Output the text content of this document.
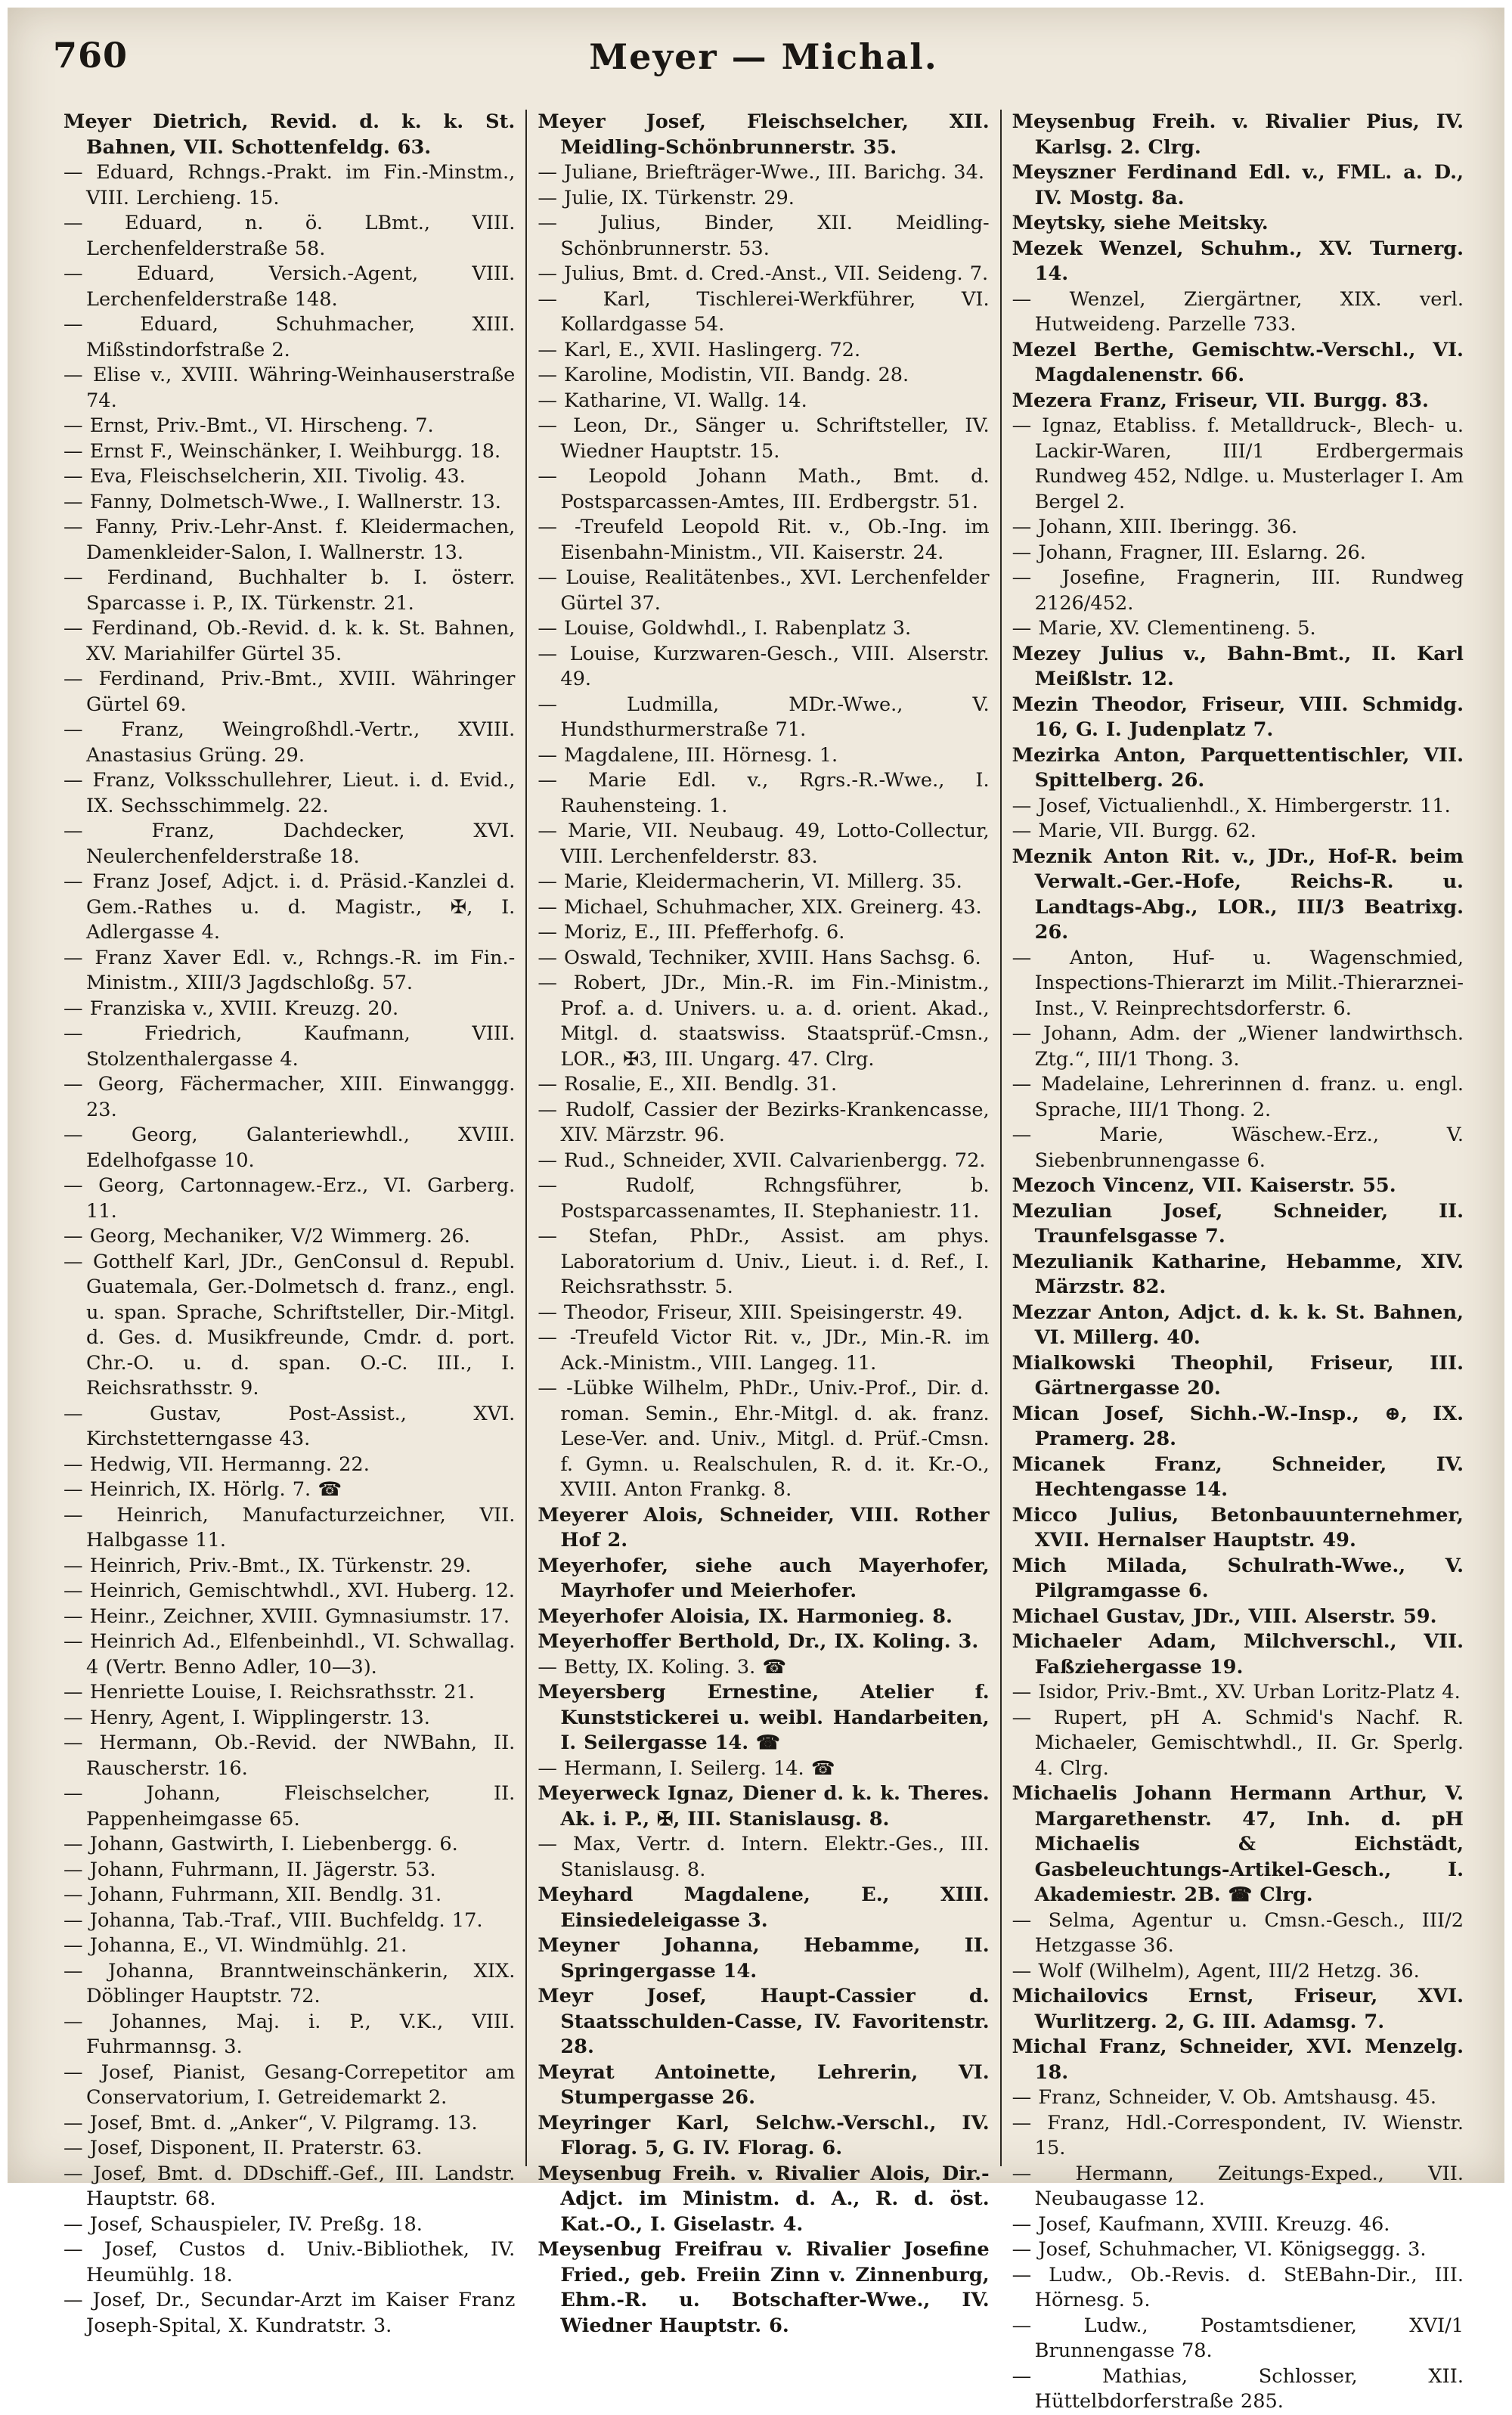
760	Meyer — Michal.
Meyer Dietrich, Revid. d. k. k. St. Bahnen, VII. Schottenfeldg. 63.
— Eduard, Rchngs.-Prakt. im Fin.-Minstm., VIII. Lerchieng. 15.
— Eduard, n. ö. LBmt., VIII. Lerchenfelderstraße 58.
— Eduard, Versich.-Agent, VIII. Lerchenfelderstraße 148.
— Eduard, Schuhmacher, XIII. Mißstindorfstraße 2.
— Elise v., XVIII. Währing-Weinhauserstraße 74.
— Ernst, Priv.-Bmt., VI. Hirscheng. 7.
— Ernst F., Weinschänker, I. Weihburgg. 18.
— Eva, Fleischselcherin, XII. Tivolig. 43.
— Fanny, Dolmetsch-Wwe., I. Wallnerstr. 13.
— Fanny, Priv.-Lehr-Anst. f. Kleidermachen, Damenkleider-Salon, I. Wallnerstr. 13.
— Ferdinand, Buchhalter b. I. österr. Sparcasse i. P., IX. Türkenstr. 21.
— Ferdinand, Ob.-Revid. d. k. k. St. Bahnen, XV. Mariahilfer Gürtel 35.
— Ferdinand, Priv.-Bmt., XVIII. Währinger Gürtel 69.
— Franz, Weingroßhdl.-Vertr., XVIII. Anastasius Grüng. 29.
— Franz, Volksschullehrer, Lieut. i. d. Evid., IX. Sechsschimmelg. 22.
— Franz, Dachdecker, XVI. Neulerchenfelderstraße 18.
— Franz Josef, Adjct. i. d. Präsid.-Kanzlei d. Gem.-Rathes u. d. Magistr., ✠, I. Adlergasse 4.
— Franz Xaver Edl. v., Rchngs.-R. im Fin.-Ministm., XIII/3 Jagdschloßg. 57.
— Franziska v., XVIII. Kreuzg. 20.
— Friedrich, Kaufmann, VIII. Stolzenthalergasse 4.
— Georg, Fächermacher, XIII. Einwanggg. 23.
— Georg, Galanteriewhdl., XVIII. Edelhofgasse 10.
— Georg, Cartonnagew.-Erz., VI. Garberg. 11.
— Georg, Mechaniker, V/2 Wimmerg. 26.
— Gotthelf Karl, JDr., GenConsul d. Republ. Guatemala, Ger.-Dolmetsch d. franz., engl. u. span. Sprache, Schriftsteller, Dir.-Mitgl. d. Ges. d. Musikfreunde, Cmdr. d. port. Chr.-O. u. d. span. O.-C. III., I. Reichsrathsstr. 9.
— Gustav, Post-Assist., XVI. Kirchstetterngasse 43.
— Hedwig, VII. Hermanng. 22.
— Heinrich, IX. Hörlg. 7. ☎
— Heinrich, Manufacturzeichner, VII. Halbgasse 11.
— Heinrich, Priv.-Bmt., IX. Türkenstr. 29.
— Heinrich, Gemischtwhdl., XVI. Huberg. 12.
— Heinr., Zeichner, XVIII. Gymnasiumstr. 17.
— Heinrich Ad., Elfenbeinhdl., VI. Schwallag. 4 (Vertr. Benno Adler, 10—3).
— Henriette Louise, I. Reichsrathsstr. 21.
— Henry, Agent, I. Wipplingerstr. 13.
— Hermann, Ob.-Revid. der NWBahn, II. Rauscherstr. 16.
— Johann, Fleischselcher, II. Pappenheimgasse 65.
— Johann, Gastwirth, I. Liebenbergg. 6.
— Johann, Fuhrmann, II. Jägerstr. 53.
— Johann, Fuhrmann, XII. Bendlg. 31.
— Johanna, Tab.-Traf., VIII. Buchfeldg. 17.
— Johanna, E., VI. Windmühlg. 21.
— Johanna, Branntweinschänkerin, XIX. Döblinger Hauptstr. 72.
— Johannes, Maj. i. P., V.K., VIII. Fuhrmannsg. 3.
— Josef, Pianist, Gesang-Correpetitor am Conservatorium, I. Getreidemarkt 2.
— Josef, Bmt. d. „Anker“, V. Pilgramg. 13.
— Josef, Disponent, II. Praterstr. 63.
— Josef, Bmt. d. DDschiff.-Gef., III. Landstr. Hauptstr. 68.
— Josef, Schauspieler, IV. Preßg. 18.
— Josef, Custos d. Univ.-Bibliothek, IV. Heumühlg. 18.
— Josef, Dr., Secundar-Arzt im Kaiser Franz Joseph-Spital, X. Kundratstr. 3.
Meyer Josef, Fleischselcher, XII. Meidling-Schönbrunnerstr. 35.
— Juliane, Briefträger-Wwe., III. Barichg. 34.
— Julie, IX. Türkenstr. 29.
— Julius, Binder, XII. Meidling-Schönbrunnerstr. 53.
— Julius, Bmt. d. Cred.-Anst., VII. Seideng. 7.
— Karl, Tischlerei-Werkführer, VI. Kollardgasse 54.
— Karl, E., XVII. Haslingerg. 72.
— Karoline, Modistin, VII. Bandg. 28.
— Katharine, VI. Wallg. 14.
— Leon, Dr., Sänger u. Schriftsteller, IV. Wiedner Hauptstr. 15.
— Leopold Johann Math., Bmt. d. Postsparcassen-Amtes, III. Erdbergstr. 51.
— -Treufeld Leopold Rit. v., Ob.-Ing. im Eisenbahn-Ministm., VII. Kaiserstr. 24.
— Louise, Realitätenbes., XVI. Lerchenfelder Gürtel 37.
— Louise, Goldwhdl., I. Rabenplatz 3.
— Louise, Kurzwaren-Gesch., VIII. Alserstr. 49.
— Ludmilla, MDr.-Wwe., V. Hundsthurmerstraße 71.
— Magdalene, III. Hörnesg. 1.
— Marie Edl. v., Rgrs.-R.-Wwe., I. Rauhensteing. 1.
— Marie, VII. Neubaug. 49, Lotto-Collectur, VIII. Lerchenfelderstr. 83.
— Marie, Kleidermacherin, VI. Millerg. 35.
— Michael, Schuhmacher, XIX. Greinerg. 43.
— Moriz, E., III. Pfefferhofg. 6.
— Oswald, Techniker, XVIII. Hans Sachsg. 6.
— Robert, JDr., Min.-R. im Fin.-Ministm., Prof. a. d. Univers. u. a. d. orient. Akad., Mitgl. d. staatswiss. Staatsprüf.-Cmsn., LOR., ✠3, III. Ungarg. 47. Clrg.
— Rosalie, E., XII. Bendlg. 31.
— Rudolf, Cassier der Bezirks-Krankencasse, XIV. Märzstr. 96.
— Rud., Schneider, XVII. Calvarienbergg. 72.
— Rudolf, Rchngsführer, b. Postsparcassenamtes, II. Stephaniestr. 11.
— Stefan, PhDr., Assist. am phys. Laboratorium d. Univ., Lieut. i. d. Ref., I. Reichsrathsstr. 5.
— Theodor, Friseur, XIII. Speisingerstr. 49.
— -Treufeld Victor Rit. v., JDr., Min.-R. im Ack.-Ministm., VIII. Langeg. 11.
— -Lübke Wilhelm, PhDr., Univ.-Prof., Dir. d. roman. Semin., Ehr.-Mitgl. d. ak. franz. Lese-Ver. and. Univ., Mitgl. d. Prüf.-Cmsn. f. Gymn. u. Realschulen, R. d. it. Kr.-O., XVIII. Anton Frankg. 8.
Meyerer Alois, Schneider, VIII. Rother Hof 2.
Meyerhofer, siehe auch Mayerhofer, Mayrhofer und Meierhofer.
Meyerhofer Aloisia, IX. Harmonieg. 8.
Meyerhoffer Berthold, Dr., IX. Koling. 3.
— Betty, IX. Koling. 3. ☎
Meyersberg Ernestine, Atelier f. Kunststickerei u. weibl. Handarbeiten, I. Seilergasse 14. ☎
— Hermann, I. Seilerg. 14. ☎
Meyerweck Ignaz, Diener d. k. k. Theres. Ak. i. P., ✠, III. Stanislausg. 8.
— Max, Vertr. d. Intern. Elektr.-Ges., III. Stanislausg. 8.
Meyhard Magdalene, E., XIII. Einsiedeleigasse 3.
Meyner Johanna, Hebamme, II. Springergasse 14.
Meyr Josef, Haupt-Cassier d. Staatsschulden-Casse, IV. Favoritenstr. 28.
Meyrat Antoinette, Lehrerin, VI. Stumpergasse 26.
Meyringer Karl, Selchw.-Verschl., IV. Florag. 5, G. IV. Florag. 6.
Meysenbug Freih. v. Rivalier Alois, Dir.-Adjct. im Ministm. d. A., R. d. öst. Kat.-O., I. Giselastr. 4.
Meysenbug Freifrau v. Rivalier Josefine Fried., geb. Freiin Zinn v. Zinnenburg, Ehm.-R. u. Botschafter-Wwe., IV. Wiedner Hauptstr. 6.
Meysenbug Freih. v. Rivalier Pius, IV. Karlsg. 2. Clrg.
Meyszner Ferdinand Edl. v., FML. a. D., IV. Mostg. 8a.
Meytsky, siehe Meitsky.
Mezek Wenzel, Schuhm., XV. Turnerg. 14.
— Wenzel, Ziergärtner, XIX. verl. Hutweideng. Parzelle 733.
Mezel Berthe, Gemischtw.-Verschl., VI. Magdalenenstr. 66.
Mezera Franz, Friseur, VII. Burgg. 83.
— Ignaz, Etabliss. f. Metalldruck-, Blech- u. Lackir-Waren, III/1 Erdbergermais Rundweg 452, Ndlge. u. Musterlager I. Am Bergel 2.
— Johann, XIII. Iberingg. 36.
— Johann, Fragner, III. Eslarng. 26.
— Josefine, Fragnerin, III. Rundweg 2126/452.
— Marie, XV. Clementineng. 5.
Mezey Julius v., Bahn-Bmt., II. Karl Meißlstr. 12.
Mezin Theodor, Friseur, VIII. Schmidg. 16, G. I. Judenplatz 7.
Mezirka Anton, Parquettentischler, VII. Spittelberg. 26.
— Josef, Victualienhdl., X. Himbergerstr. 11.
— Marie, VII. Burgg. 62.
Meznik Anton Rit. v., JDr., Hof-R. beim Verwalt.-Ger.-Hofe, Reichs-R. u. Landtags-Abg., LOR., III/3 Beatrixg. 26.
— Anton, Huf- u. Wagenschmied, Inspections-Thierarzt im Milit.-Thierarznei-Inst., V. Reinprechtsdorferstr. 6.
— Johann, Adm. der „Wiener landwirthsch. Ztg.“, III/1 Thong. 3.
— Madelaine, Lehrerinnen d. franz. u. engl. Sprache, III/1 Thong. 2.
— Marie, Wäschew.-Erz., V. Siebenbrunnengasse 6.
Mezoch Vincenz, VII. Kaiserstr. 55.
Mezulian Josef, Schneider, II. Traunfelsgasse 7.
Mezulianik Katharine, Hebamme, XIV. Märzstr. 82.
Mezzar Anton, Adjct. d. k. k. St. Bahnen, VI. Millerg. 40.
Mialkowski Theophil, Friseur, III. Gärtnergasse 20.
Mican Josef, Sichh.-W.-Insp., ⊕, IX. Pramerg. 28.
Micanek Franz, Schneider, IV. Hechtengasse 14.
Micco Julius, Betonbauunternehmer, XVII. Hernalser Hauptstr. 49.
Mich Milada, Schulrath-Wwe., V. Pilgramgasse 6.
Michael Gustav, JDr., VIII. Alserstr. 59.
Michaeler Adam, Milchverschl., VII. Faßziehergasse 19.
— Isidor, Priv.-Bmt., XV. Urban Loritz-Platz 4.
— Rupert, pH A. Schmid's Nachf. R. Michaeler, Gemischtwhdl., II. Gr. Sperlg. 4. Clrg.
Michaelis Johann Hermann Arthur, V. Margarethenstr. 47, Inh. d. pH Michaelis & Eichstädt, Gasbeleuchtungs-Artikel-Gesch., I. Akademiestr. 2B. ☎ Clrg.
— Selma, Agentur u. Cmsn.-Gesch., III/2 Hetzgasse 36.
— Wolf (Wilhelm), Agent, III/2 Hetzg. 36.
Michailovics Ernst, Friseur, XVI. Wurlitzerg. 2, G. III. Adamsg. 7.
Michal Franz, Schneider, XVI. Menzelg. 18.
— Franz, Schneider, V. Ob. Amtshausg. 45.
— Franz, Hdl.-Correspondent, IV. Wienstr. 15.
— Hermann, Zeitungs-Exped., VII. Neubaugasse 12.
— Josef, Kaufmann, XVIII. Kreuzg. 46.
— Josef, Schuhmacher, VI. Königseggg. 3.
— Ludw., Ob.-Revis. d. StEBahn-Dir., III. Hörnesg. 5.
— Ludw., Postamtsdiener, XVI/1 Brunnengasse 78.
— Mathias, Schlosser, XII. Hüttelbdorferstraße 285.
